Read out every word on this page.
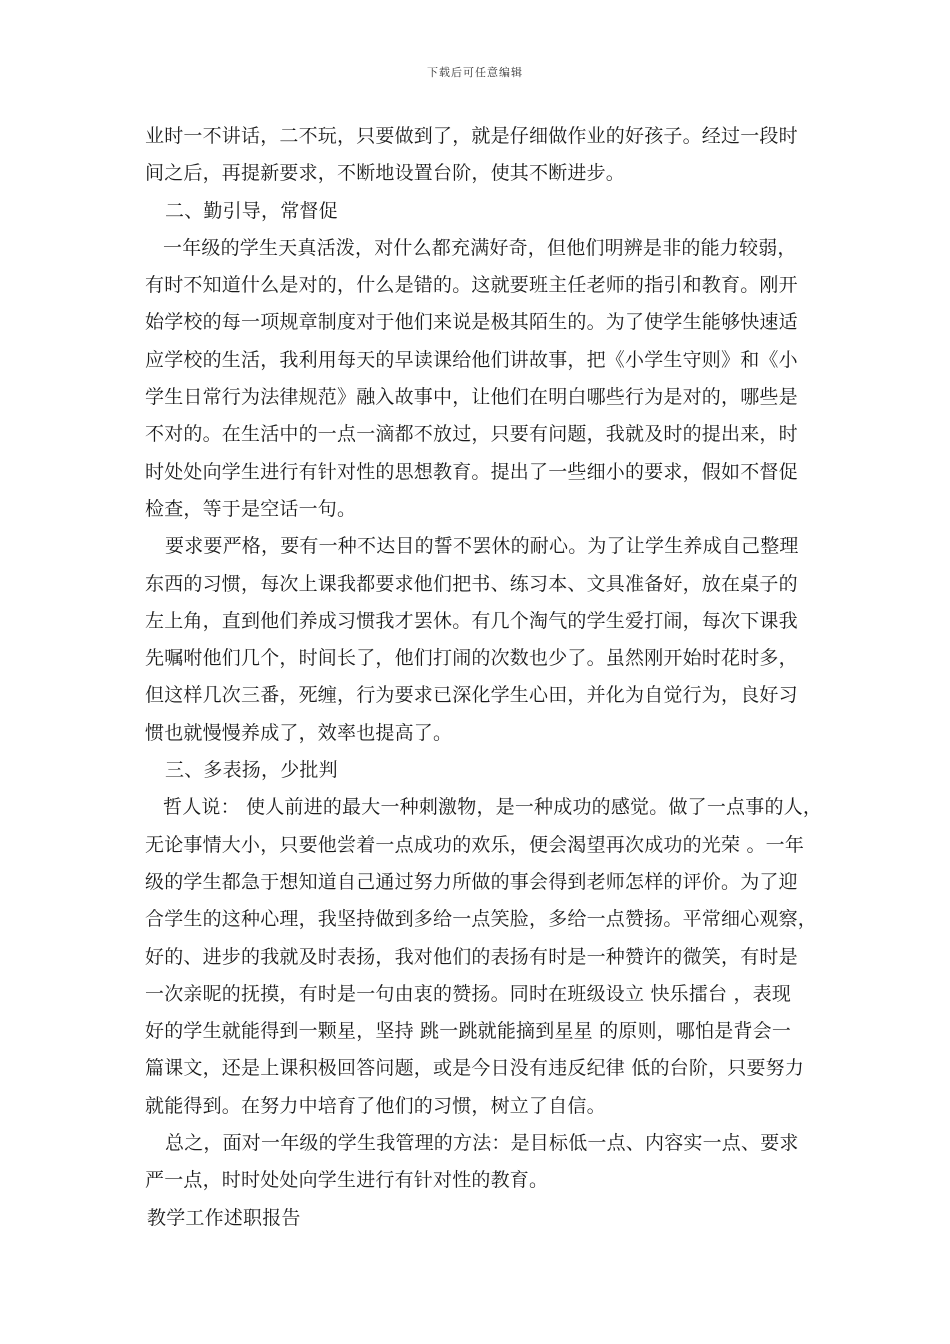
下载后可任意编辑
业时一不讲话，二不玩，只要做到了，就是仔细做作业的好孩子。经过一段时
间之后，再提新要求，不断地设置台阶，使其不断进步。
二、勤引导，常督促
一年级的学生天真活泼，对什么都充满好奇，但他们明辨是非的能力较弱，
有时不知道什么是对的，什么是错的。这就要班主任老师的指引和教育。刚开
始学校的每一项规章制度对于他们来说是极其陌生的。为了使学生能够快速适
应学校的生活，我利用每天的早读课给他们讲故事，把《小学生守则》和《小
学生日常行为法律规范》融入故事中，让他们在明白哪些行为是对的，哪些是
不对的。在生活中的一点一滴都不放过，只要有问题，我就及时的提出来，时
时处处向学生进行有针对性的思想教育。提出了一些细小的要求，假如不督促
检查，等于是空话一句。
要求要严格，要有一种不达目的誓不罢休的耐心。为了让学生养成自己整理
东西的习惯，每次上课我都要求他们把书、练习本、文具准备好，放在桌子的
左上角，直到他们养成习惯我才罢休。有几个淘气的学生爱打闹，每次下课我
先嘱咐他们几个，时间长了，他们打闹的次数也少了。虽然刚开始时花时多，
但这样几次三番，死缠，行为要求已深化学生心田，并化为自觉行为，良好习
惯也就慢慢养成了，效率也提高了。
三、多表扬，少批判
哲人说： 使人前进的最大一种刺激物，是一种成功的感觉。做了一点事的人，
无论事情大小，只要他尝着一点成功的欢乐，便会渴望再次成功的光荣 。一年
级的学生都急于想知道自己通过努力所做的事会得到老师怎样的评价。为了迎
合学生的这种心理，我坚持做到多给一点笑脸，多给一点赞扬。平常细心观察，
好的、进步的我就及时表扬，我对他们的表扬有时是一种赞许的微笑，有时是
一次亲昵的抚摸，有时是一句由衷的赞扬。同时在班级设立 快乐擂台 ，表现
好的学生就能得到一颗星，坚持 跳一跳就能摘到星星 的原则，哪怕是背会一
篇课文，还是上课积极回答问题，或是今日没有违反纪律 低的台阶，只要努力
就能得到。在努力中培育了他们的习惯，树立了自信。
总之，面对一年级的学生我管理的方法：是目标低一点、内容实一点、要求
严一点，时时处处向学生进行有针对性的教育。
教学工作述职报告
